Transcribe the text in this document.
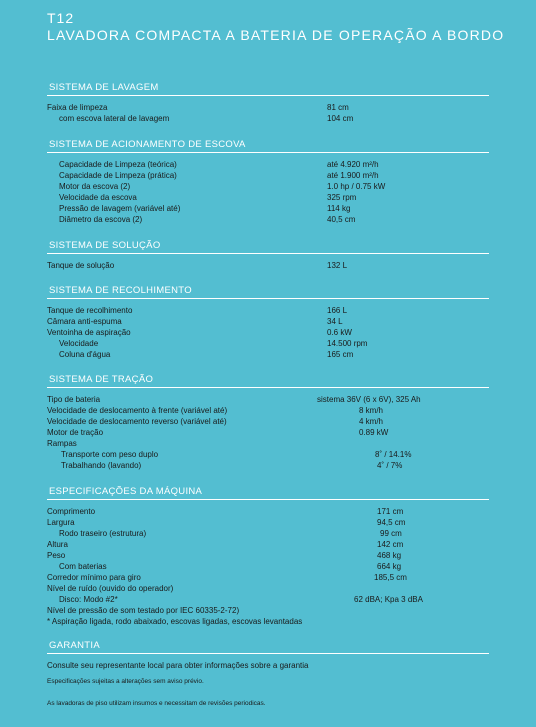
T12
LAVADORA COMPACTA A BATERIA DE OPERAÇÃO A BORDO
SISTEMA DE LAVAGEM
Faixa de limpeza	81 cm
com escova lateral de lavagem	104 cm
SISTEMA DE ACIONAMENTO DE ESCOVA
Capacidade de Limpeza (teórica)	até 4.920 m²/h
Capacidade de Limpeza (prática)	até 1.900 m²/h
Motor da escova (2)	1.0 hp / 0.75 kW
Velocidade da escova	325 rpm
Pressão de lavagem (variável até)	114 kg
Diâmetro da escova (2)	40,5 cm
SISTEMA DE SOLUÇÃO
Tanque de solução	132 L
SISTEMA DE RECOLHIMENTO
Tanque de recolhimento	166 L
Câmara anti-espuma	34 L
Ventoinha de aspiração	0.6 kW
Velocidade	14.500 rpm
Coluna d'água	165 cm
SISTEMA DE TRAÇÃO
Tipo de bateria	sistema 36V (6 x 6V), 325 Ah
Velocidade de deslocamento à frente (variável até)	8 km/h
Velocidade de deslocamento reverso (variável até)	4 km/h
Motor de tração	0.89 kW
Rampas
Transporte com peso duplo	8˚ / 14.1%
Trabalhando (lavando)	4˚ / 7%
ESPECIFICAÇÕES DA MÁQUINA
Comprimento	171 cm
Largura	94,5 cm
Rodo traseiro (estrutura)	99 cm
Altura	142 cm
Peso	468 kg
Com baterias	664 kg
Corredor mínimo para giro	185,5 cm
Nível de ruído (ouvido do operador)
Disco: Modo #2*	62 dBA; Kpa 3 dBA
Nível de pressão de som testado por IEC 60335-2-72)
* Aspiração ligada, rodo abaixado, escovas ligadas, escovas levantadas
GARANTIA
Consulte seu representante local para obter informações sobre a garantia
Especificações sujeitas a alterações sem aviso prévio.
As lavadoras de piso utilizam insumos e necessitam de revisões periodicas.
